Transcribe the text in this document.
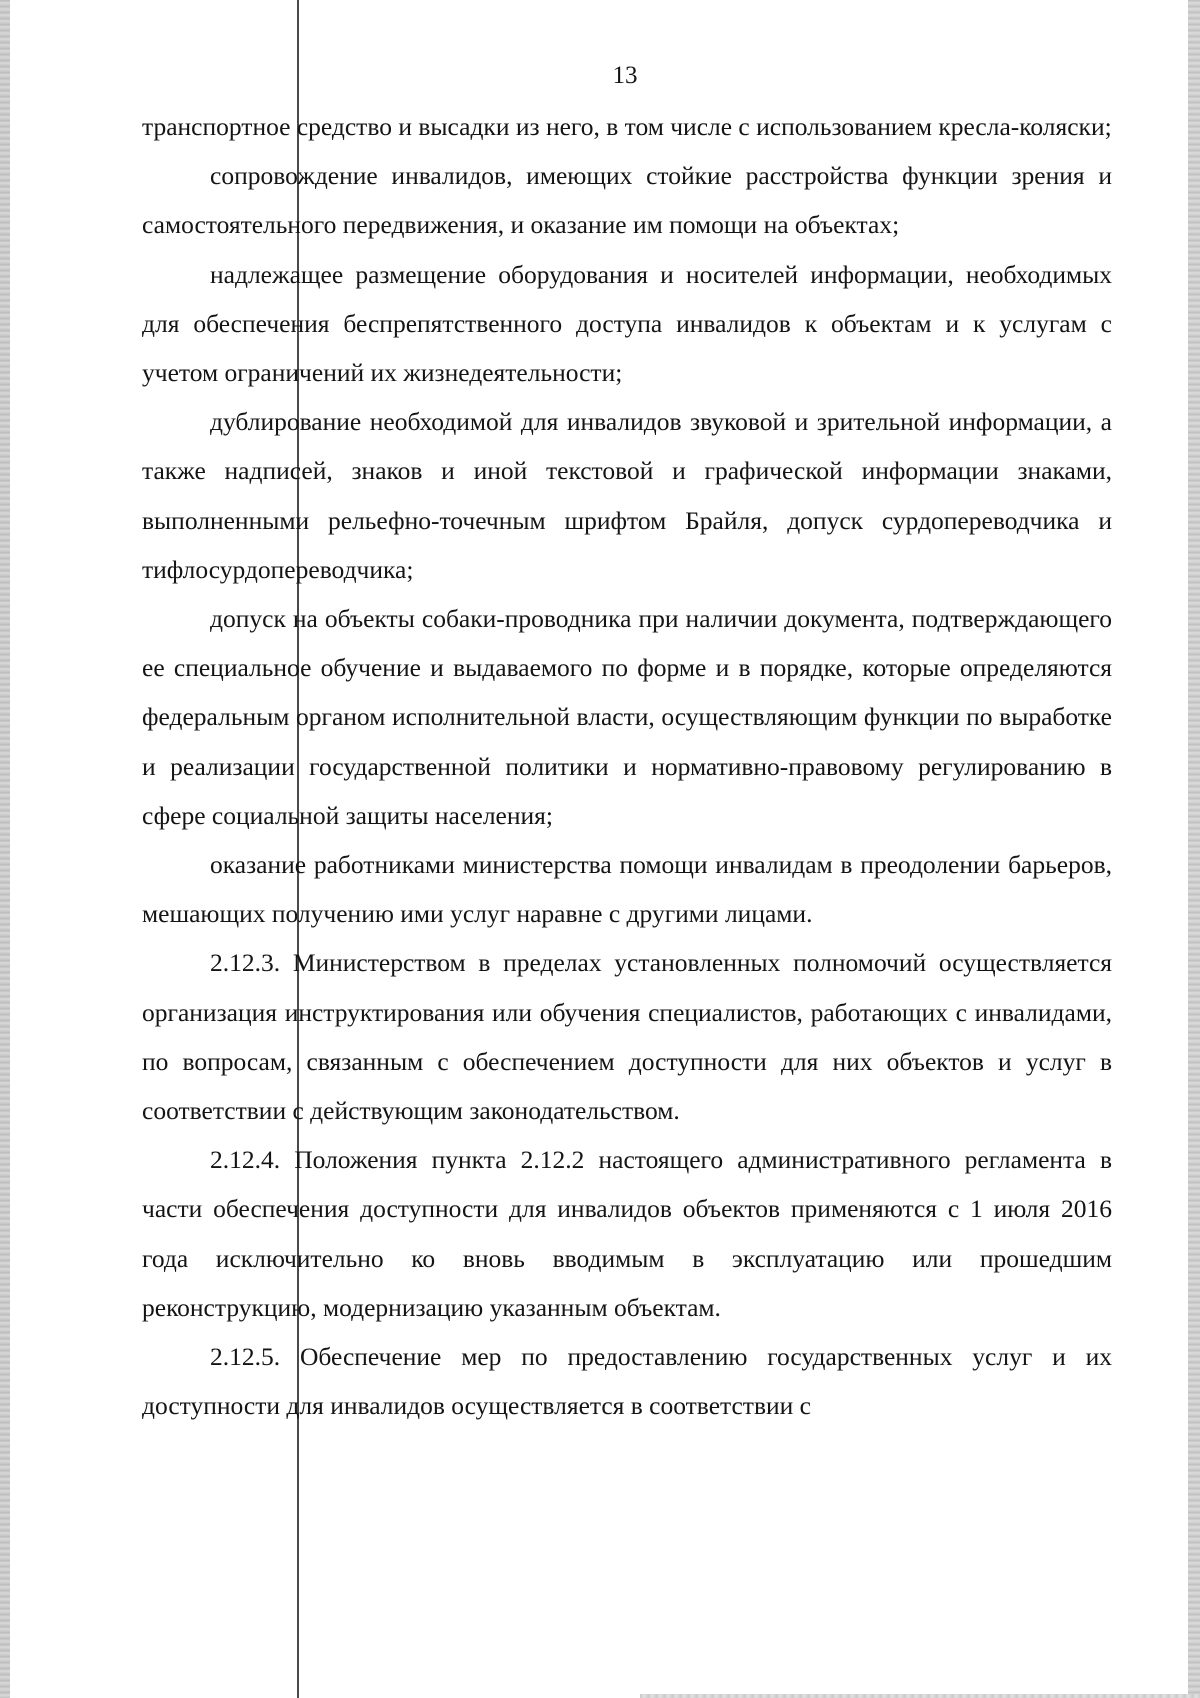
13

транспортное средство и высадки из него, в том числе с использованием кресла-коляски;

сопровождение инвалидов, имеющих стойкие расстройства функции зрения и самостоятельного передвижения, и оказание им помощи на объектах;

надлежащее размещение оборудования и носителей информации, необходимых для обеспечения беспрепятственного доступа инвалидов к объектам и к услугам с учетом ограничений их жизнедеятельности;

дублирование необходимой для инвалидов звуковой и зрительной информации, а также надписей, знаков и иной текстовой и графической информации знаками, выполненными рельефно-точечным шрифтом Брайля, допуск сурдопереводчика и тифлосурдопереводчика;

допуск на объекты собаки-проводника при наличии документа, подтверждающего ее специальное обучение и выдаваемого по форме и в порядке, которые определяются федеральным органом исполнительной власти, осуществляющим функции по выработке и реализации государственной политики и нормативно-правовому регулированию в сфере социальной защиты населения;

оказание работниками министерства помощи инвалидам в преодолении барьеров, мешающих получению ими услуг наравне с другими лицами.

2.12.3. Министерством в пределах установленных полномочий осуществляется организация инструктирования или обучения специалистов, работающих с инвалидами, по вопросам, связанным с обеспечением доступности для них объектов и услуг в соответствии с действующим законодательством.

2.12.4. Положения пункта 2.12.2 настоящего административного регламента в части обеспечения доступности для инвалидов объектов применяются с 1 июля 2016 года исключительно ко вновь вводимым в эксплуатацию или прошедшим реконструкцию, модернизацию указанным объектам.

2.12.5. Обеспечение мер по предоставлению государственных услуг и их доступности для инвалидов осуществляется в соответствии с
